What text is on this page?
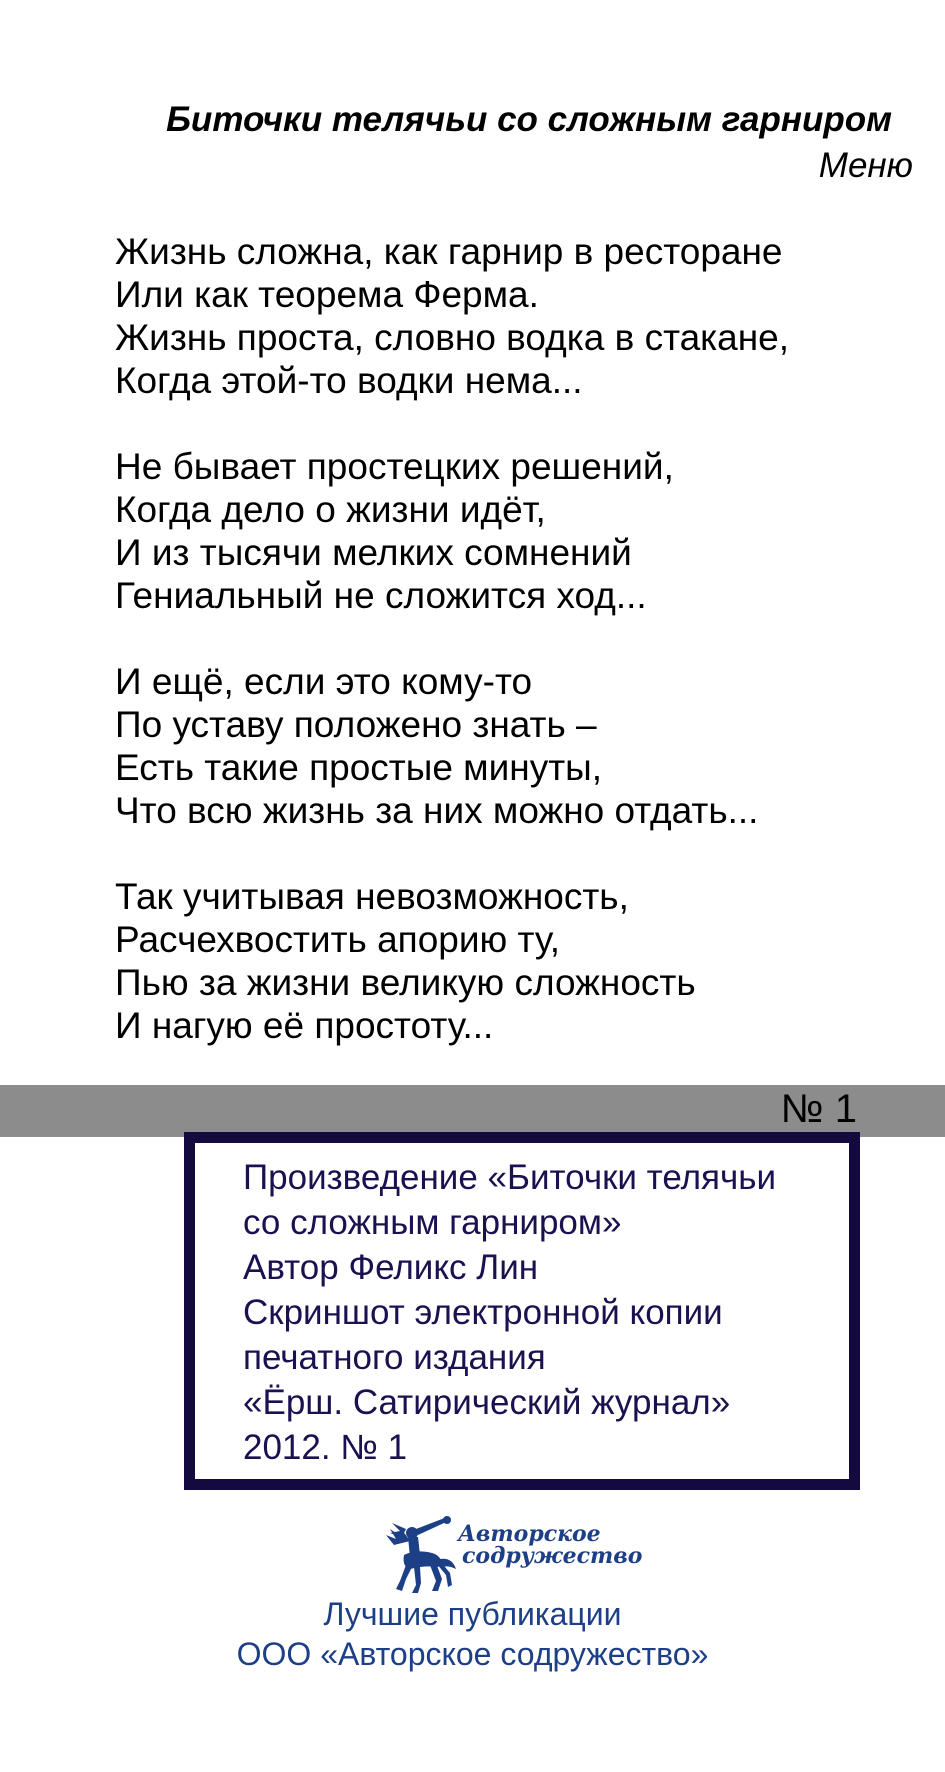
Биточки телячьи со сложным гарниром
Меню
Жизнь сложна, как гарнир в ресторане
Или как теорема Ферма.
Жизнь проста, словно водка в стакане,
Когда этой-то водки нема...
Не бывает простецких решений,
Когда дело о жизни идёт,
И из тысячи мелких сомнений
Гениальный не сложится ход...
И ещё, если это кому-то
По уставу положено знать –
Есть такие простые минуты,
Что всю жизнь за них можно отдать...
Так учитывая невозможность,
Расчехвостить апорию ту,
Пью за жизни великую сложность
И нагую её простоту...
№ 1
Произведение «Биточки телячьи
со сложным гарниром»
Автор Феликс Лин
Скриншот электронной копии
печатного издания
«Ёрш. Сатирический журнал»
2012. № 1
Авторское
содружество
Лучшие публикации
ООО «Авторское содружество»
